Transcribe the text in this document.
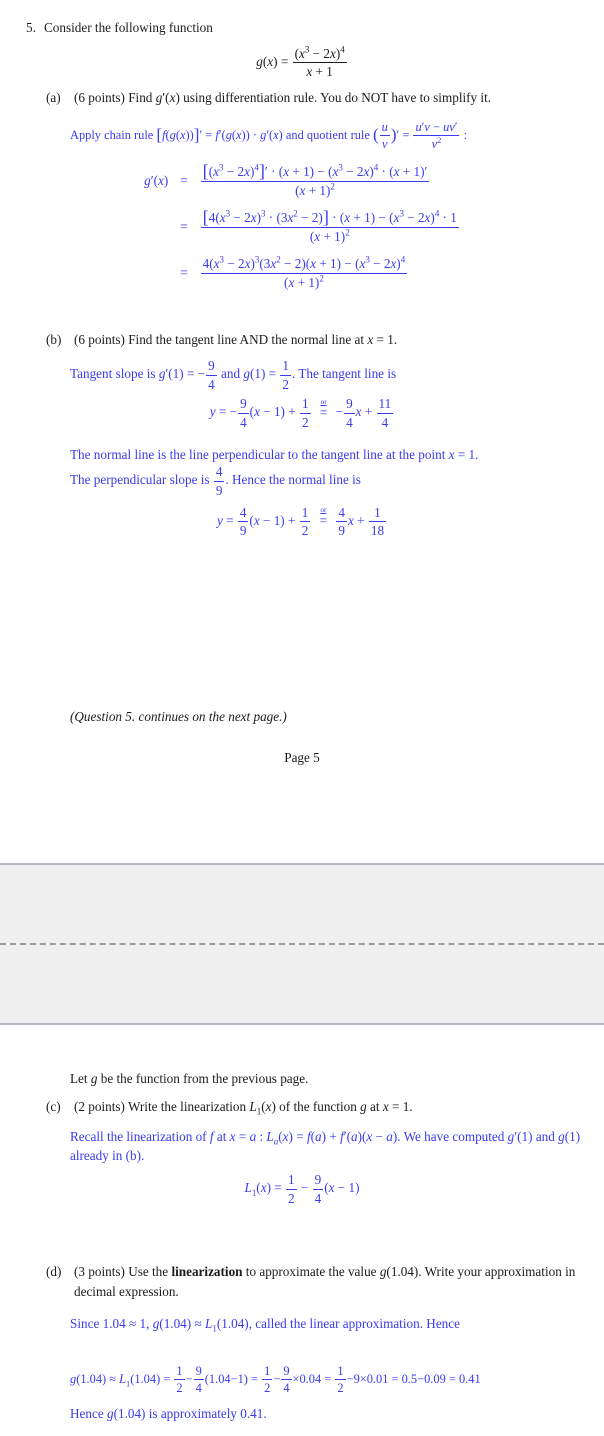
5. Consider the following function
$g(x) = \frac{(x^3 - 2x)^4}{x + 1}$
(a)	(6 points) Find g′(x) using differentiation rule. You do NOT have to simplify it.
Apply chain rule [f(g(x))]′ = f′(g(x)) · g′(x) and quotient rule ( $\frac{u}{v}$ )′ = $\frac{u'v - uv'}{v^2}$ :
$g'(x) = \frac{[(x^3 - 2x)^4]' \cdot (x + 1) - (x^3 - 2x)^4 \cdot (x + 1)'}{(x + 1)^2}$
= $\frac{[4(x^3 - 2x)^3 \cdot (3x^2 - 2)] \cdot (x + 1) - (x^3 - 2x)^4 \cdot 1}{(x + 1)^2}$
= $\frac{4(x^3 - 2x)^3(3x^2 - 2)(x + 1) - (x^3 - 2x)^4}{(x + 1)^2}$
(b) (6 points) Find the tangent line AND the normal line at x = 1.
Tangent slope is g′(1) = − $\frac{9}{4}$ and $g(1) = \frac{1}{2}$ . The tangent line is
y = − $\frac{9}{4} (x - 1) + \frac{1}{2}$
or
= − $\frac{9}{4}$ $x + \frac{11}{4}$
The normal line is the line perpendicular to the tangent line at the point x = 1.
The perpendicular slope is $\frac{4}{9}$ . Hence the normal line is
$y = \frac{4}{9} (x - 1) + \frac{1}{2}$
or
= $\frac{4}{9}$ $x + \frac{1}{18}$
(Question 5. continues on the next page.)
Page 5
Let g be the function from the previous page.
(c)	(2 points) Write the linearization $L_1(x)$ of the function g at x = 1.
Recall the linearization of f at x = a : $L_a(x) = f(a) + f'(a)(x - a)$. We have computed g′(1) and g(1) already in (b).
$L_1(x) = \frac{1}{2} - \frac{9}{4} (x - 1)$
(d) (3 points) Use the linearization to approximate the value g(1.04). Write your approximation in decimal expression.
Since 1.04 ≈ 1, $g(1.04) \approx L_1(1.04)$, called the linear approximation. Hence
$g(1.04) \approx L_1(1.04) = \frac{1}{2} - \frac{9}{4} (1.04-1) = \frac{1}{2} - \frac{9}{4} \times 0.04 = \frac{1}{2} -9\times 0.01 = 0.5-0.09 = 0.41$
Hence g(1.04) is approximately 0.41.
